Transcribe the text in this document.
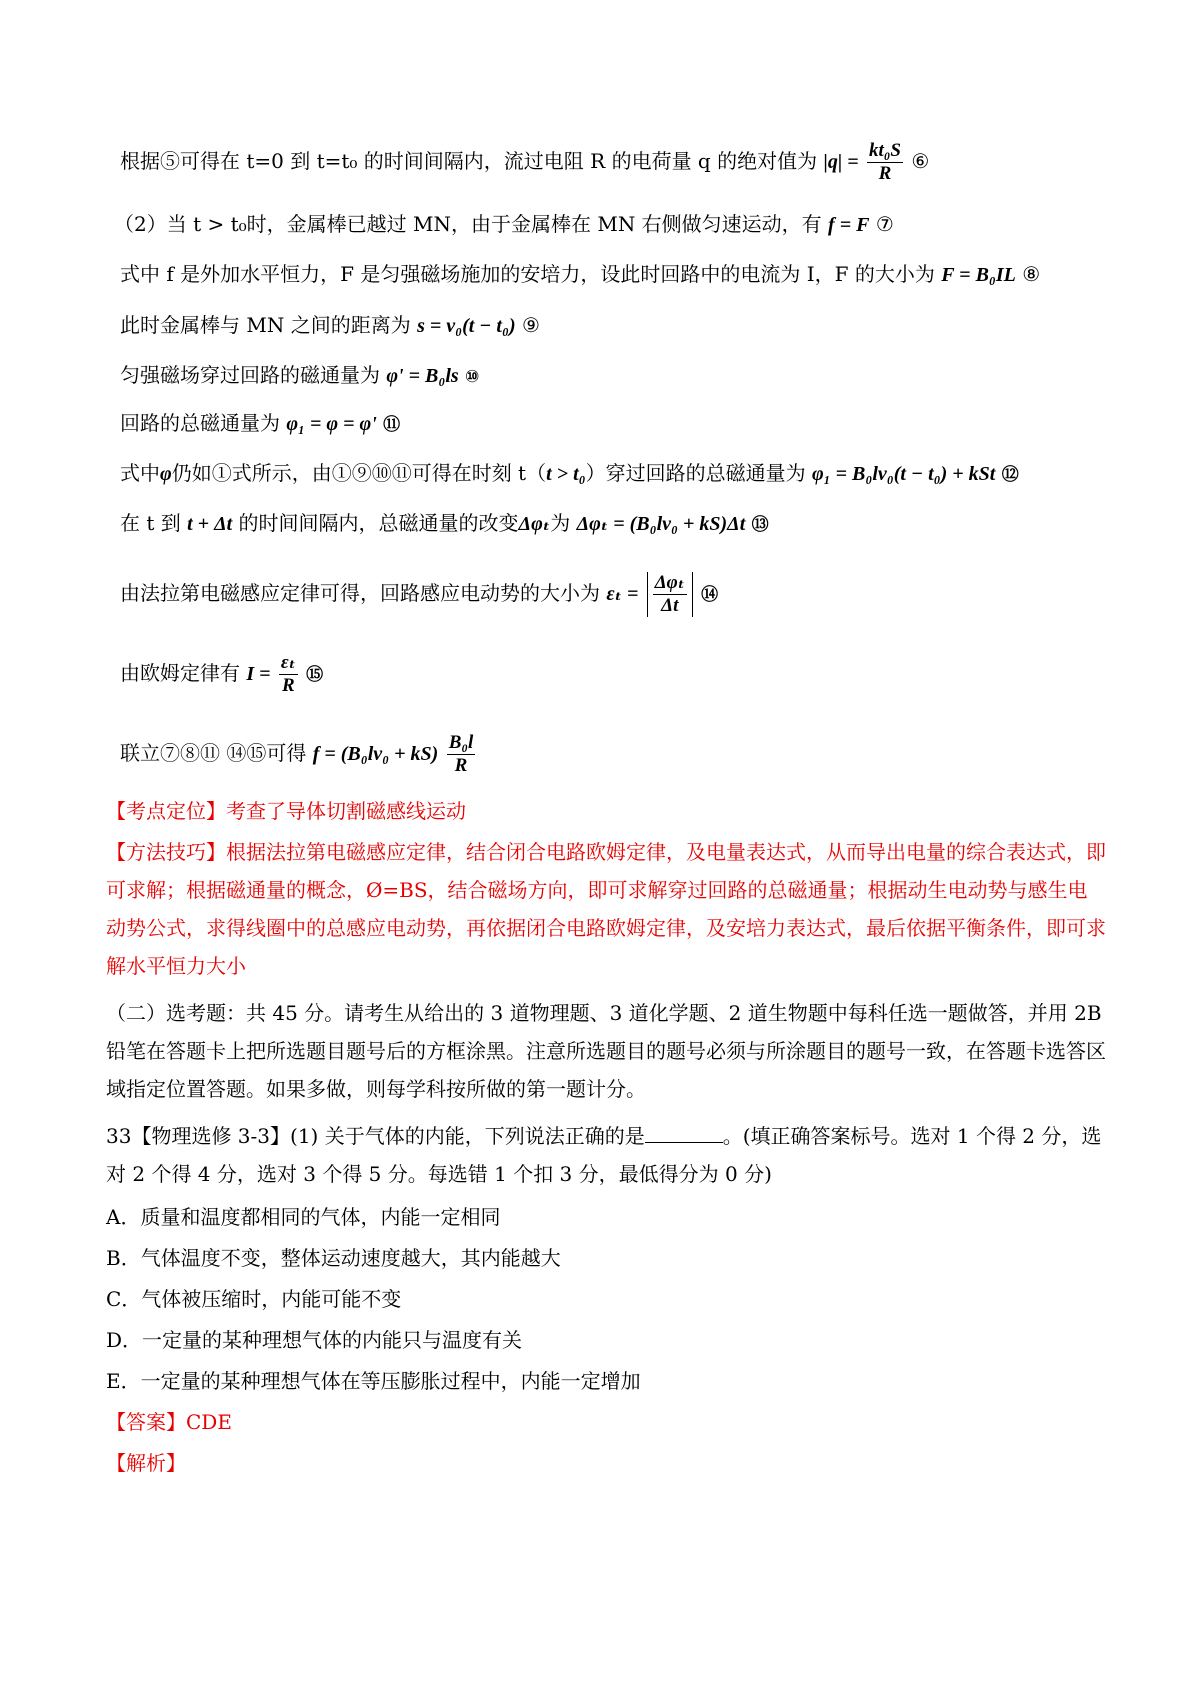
根据⑤可得在 t=0 到 t=t₀ 的时间间隔内，流过电阻 R 的电荷量 q 的绝对值为 $|q| = \frac{\text{kt₀S}}{R}$ ⑥
（2）当 t > t₀时，金属棒已越过 MN，由于金属棒在 MN 右侧做匀速运动，有 f = F ⑦
式中 f 是外加水平恒力，F 是匀强磁场施加的安培力，设此时回路中的电流为 I，F 的大小为 F = B₀IL ⑧
此时金属棒与 MN 之间的距离为 s = v₀(t − t₀) ⑨
匀强磁场穿过回路的磁通量为 φ' = B₀ls ⑩
回路的总磁通量为 φ₁ = φ = φ' ⑪
式中φ仍如①式所示，由①⑨⑩⑪可得在时刻 t（t > t₀）穿过回路的总磁通量为 φ₁ = B₀lv₀(t − t₀) + kSt ⑫
在 t 到 t + Δt 的时间间隔内，总磁通量的改变Δφₜ为 Δφₜ = (B₀lv₀ + kS)Δt ⑬
由法拉第电磁感应定律可得，回路感应电动势的大小为 $\varepsilon_t = \frac{\text{Δφₜ}}{\Delta t}$ ⑭
由欧姆定律有 $I = \frac{\text{εₜ}}{R}$ ⑮
联立⑦⑧⑪ ⑭⑮可得 $f = (B_0lv_0 + kS) \frac{\text{B₀l}}{R}$
【考点定位】考查了导体切割磁感线运动
【方法技巧】根据法拉第电磁感应定律，结合闭合电路欧姆定律，及电量表达式，从而导出电量的综合表达式，即可求解；根据磁通量的概念，Ø=BS，结合磁场方向，即可求解穿过回路的总磁通量；根据动生电动势与感生电动势公式，求得线圈中的总感应电动势，再依据闭合电路欧姆定律，及安培力表达式，最后依据平衡条件，即可求解水平恒力大小
（二）选考题：共 45 分。请考生从给出的 3 道物理题、3 道化学题、2 道生物题中每科任选一题做答，并用 2B 铅笔在答题卡上把所选题目题号后的方框涂黑。注意所选题目的题号必须与所涂题目的题号一致，在答题卡选答区域指定位置答题。如果多做，则每学科按所做的第一题计分。
33【物理选修 3-3】(1) 关于气体的内能，下列说法正确的是	。(填正确答案标号。选对 1 个得 2 分，选对 2 个得 4 分，选对 3 个得 5 分。每选错 1 个扣 3 分，最低得分为 0 分)
A．质量和温度都相同的气体，内能一定相同
B．气体温度不变，整体运动速度越大，其内能越大
C．气体被压缩时，内能可能不变
D．一定量的某种理想气体的内能只与温度有关
E．一定量的某种理想气体在等压膨胀过程中，内能一定增加
【答案】CDE
【解析】
